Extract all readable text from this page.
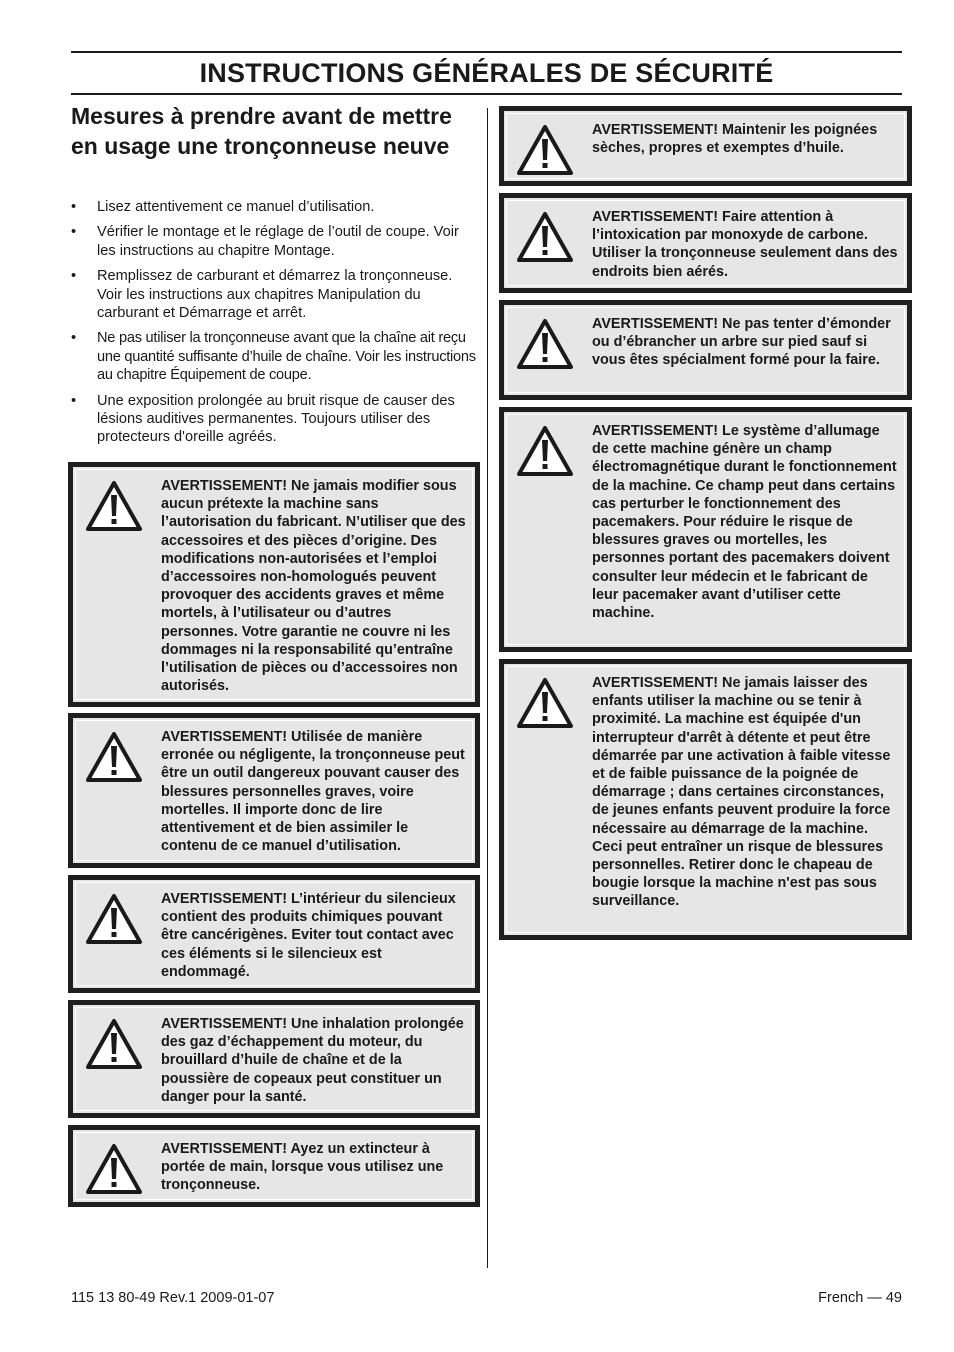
INSTRUCTIONS GÉNÉRALES DE SÉCURITÉ
Mesures à prendre avant de mettre en usage une tronçonneuse neuve
• Lisez attentivement ce manuel d’utilisation.
• Vérifier le montage et le réglage de l’outil de coupe. Voir les instructions au chapitre Montage.
• Remplissez de carburant et démarrez la tronçonneuse. Voir les instructions aux chapitres Manipulation du carburant et Démarrage et arrêt.
• Ne pas utiliser la tronçonneuse avant que la chaîne ait reçu une quantité suffisante d’huile de chaîne. Voir les instructions au chapitre Équipement de coupe.
• Une exposition prolongée au bruit risque de causer des lésions auditives permanentes. Toujours utiliser des protecteurs d'oreille agréés.
AVERTISSEMENT! Ne jamais modifier sous aucun prétexte la machine sans l’autorisation du fabricant. N’utiliser que des accessoires et des pièces d’origine. Des modifications non-autorisées et l’emploi d’accessoires non-homologués peuvent provoquer des accidents graves et même mortels, à l’utilisateur ou d’autres personnes. Votre garantie ne couvre ni les dommages ni la responsabilité qu’entraîne l’utilisation de pièces ou d’accessoires non autorisés.
AVERTISSEMENT! Utilisée de manière erronée ou négligente, la tronçonneuse peut être un outil dangereux pouvant causer des blessures personnelles graves, voire mortelles. Il importe donc de lire attentivement et de bien assimiler le contenu de ce manuel d’utilisation.
AVERTISSEMENT! L’intérieur du silencieux contient des produits chimiques pouvant être cancérigènes. Eviter tout contact avec ces éléments si le silencieux est endommagé.
AVERTISSEMENT! Une inhalation prolongée des gaz d’échappement du moteur, du brouillard d’huile de chaîne et de la poussière de copeaux peut constituer un danger pour la santé.
AVERTISSEMENT! Ayez un extincteur à portée de main, lorsque vous utilisez une tronçonneuse.
AVERTISSEMENT! Maintenir les poignées sèches, propres et exemptes d’huile.
AVERTISSEMENT! Faire attention à l’intoxication par monoxyde de carbone. Utiliser la tronçonneuse seulement dans des endroits bien aérés.
AVERTISSEMENT! Ne pas tenter d’émonder ou d’ébrancher un arbre sur pied sauf si vous êtes spécialment formé pour la faire.
AVERTISSEMENT! Le système d’allumage de cette machine génère un champ électromagnétique durant le fonctionnement de la machine. Ce champ peut dans certains cas perturber le fonctionnement des pacemakers. Pour réduire le risque de blessures graves ou mortelles, les personnes portant des pacemakers doivent consulter leur médecin et le fabricant de leur pacemaker avant d’utiliser cette machine.
AVERTISSEMENT! Ne jamais laisser des enfants utiliser la machine ou se tenir à proximité. La machine est équipée d'un interrupteur d'arrêt à détente et peut être démarrée par une activation à faible vitesse et de faible puissance de la poignée de démarrage ; dans certaines circonstances, de jeunes enfants peuvent produire la force nécessaire au démarrage de la machine. Ceci peut entraîner un risque de blessures personnelles. Retirer donc le chapeau de bougie lorsque la machine n'est pas sous surveillance.
115 13 80-49 Rev.1 2009-01-07	French — 49
